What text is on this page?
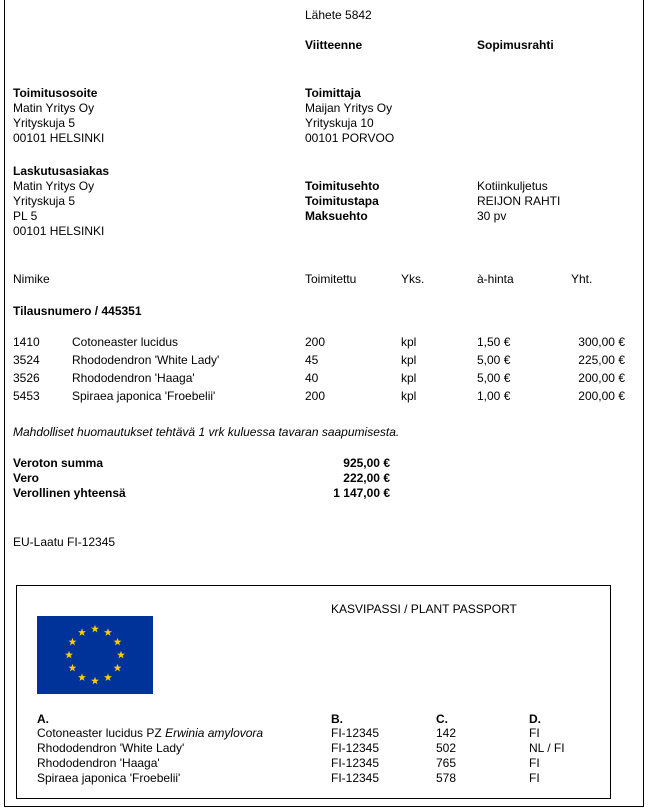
Lähete 5842
Viitteenne	Sopimusrahti
Toimitusosoite
Matin Yritys Oy
Yrityskuja 5
00101 HELSINKI
Toimittaja
Maijan Yritys Oy
Yrityskuja 10
00101 PORVOO
Laskutusasiakas
Matin Yritys Oy
Yrityskuja 5
PL 5
00101 HELSINKI
Toimitusehto	Kotiinkuljetus
Toimitustapa	REIJON RAHTI
Maksuehto	30 pv
Nimike	Toimitettu	Yks.	à-hinta	Yht.
Tilausnumero / 445351
1410	Cotoneaster lucidus	200	kpl	1,50 €	300,00 €
3524	Rhododendron 'White Lady'	45	kpl	5,00 €	225,00 €
3526	Rhododendron 'Haaga'	40	kpl	5,00 €	200,00 €
5453	Spiraea japonica 'Froebelii'	200	kpl	1,00 €	200,00 €
Mahdolliset huomautukset tehtävä 1 vrk kuluessa tavaran saapumisesta.
Veroton summa	925,00 €
Vero	222,00 €
Verollinen yhteensä	1 147,00 €
EU-Laatu FI-12345
KASVIPASSI / PLANT PASSPORT
A.	B.	C.	D.
Cotoneaster lucidus PZ Erwinia amylovora	FI-12345	142	FI
Rhododendron 'White Lady'	FI-12345	502	NL / FI
Rhododendron 'Haaga'	FI-12345	765	FI
Spiraea japonica 'Froebelii'	FI-12345	578	FI
